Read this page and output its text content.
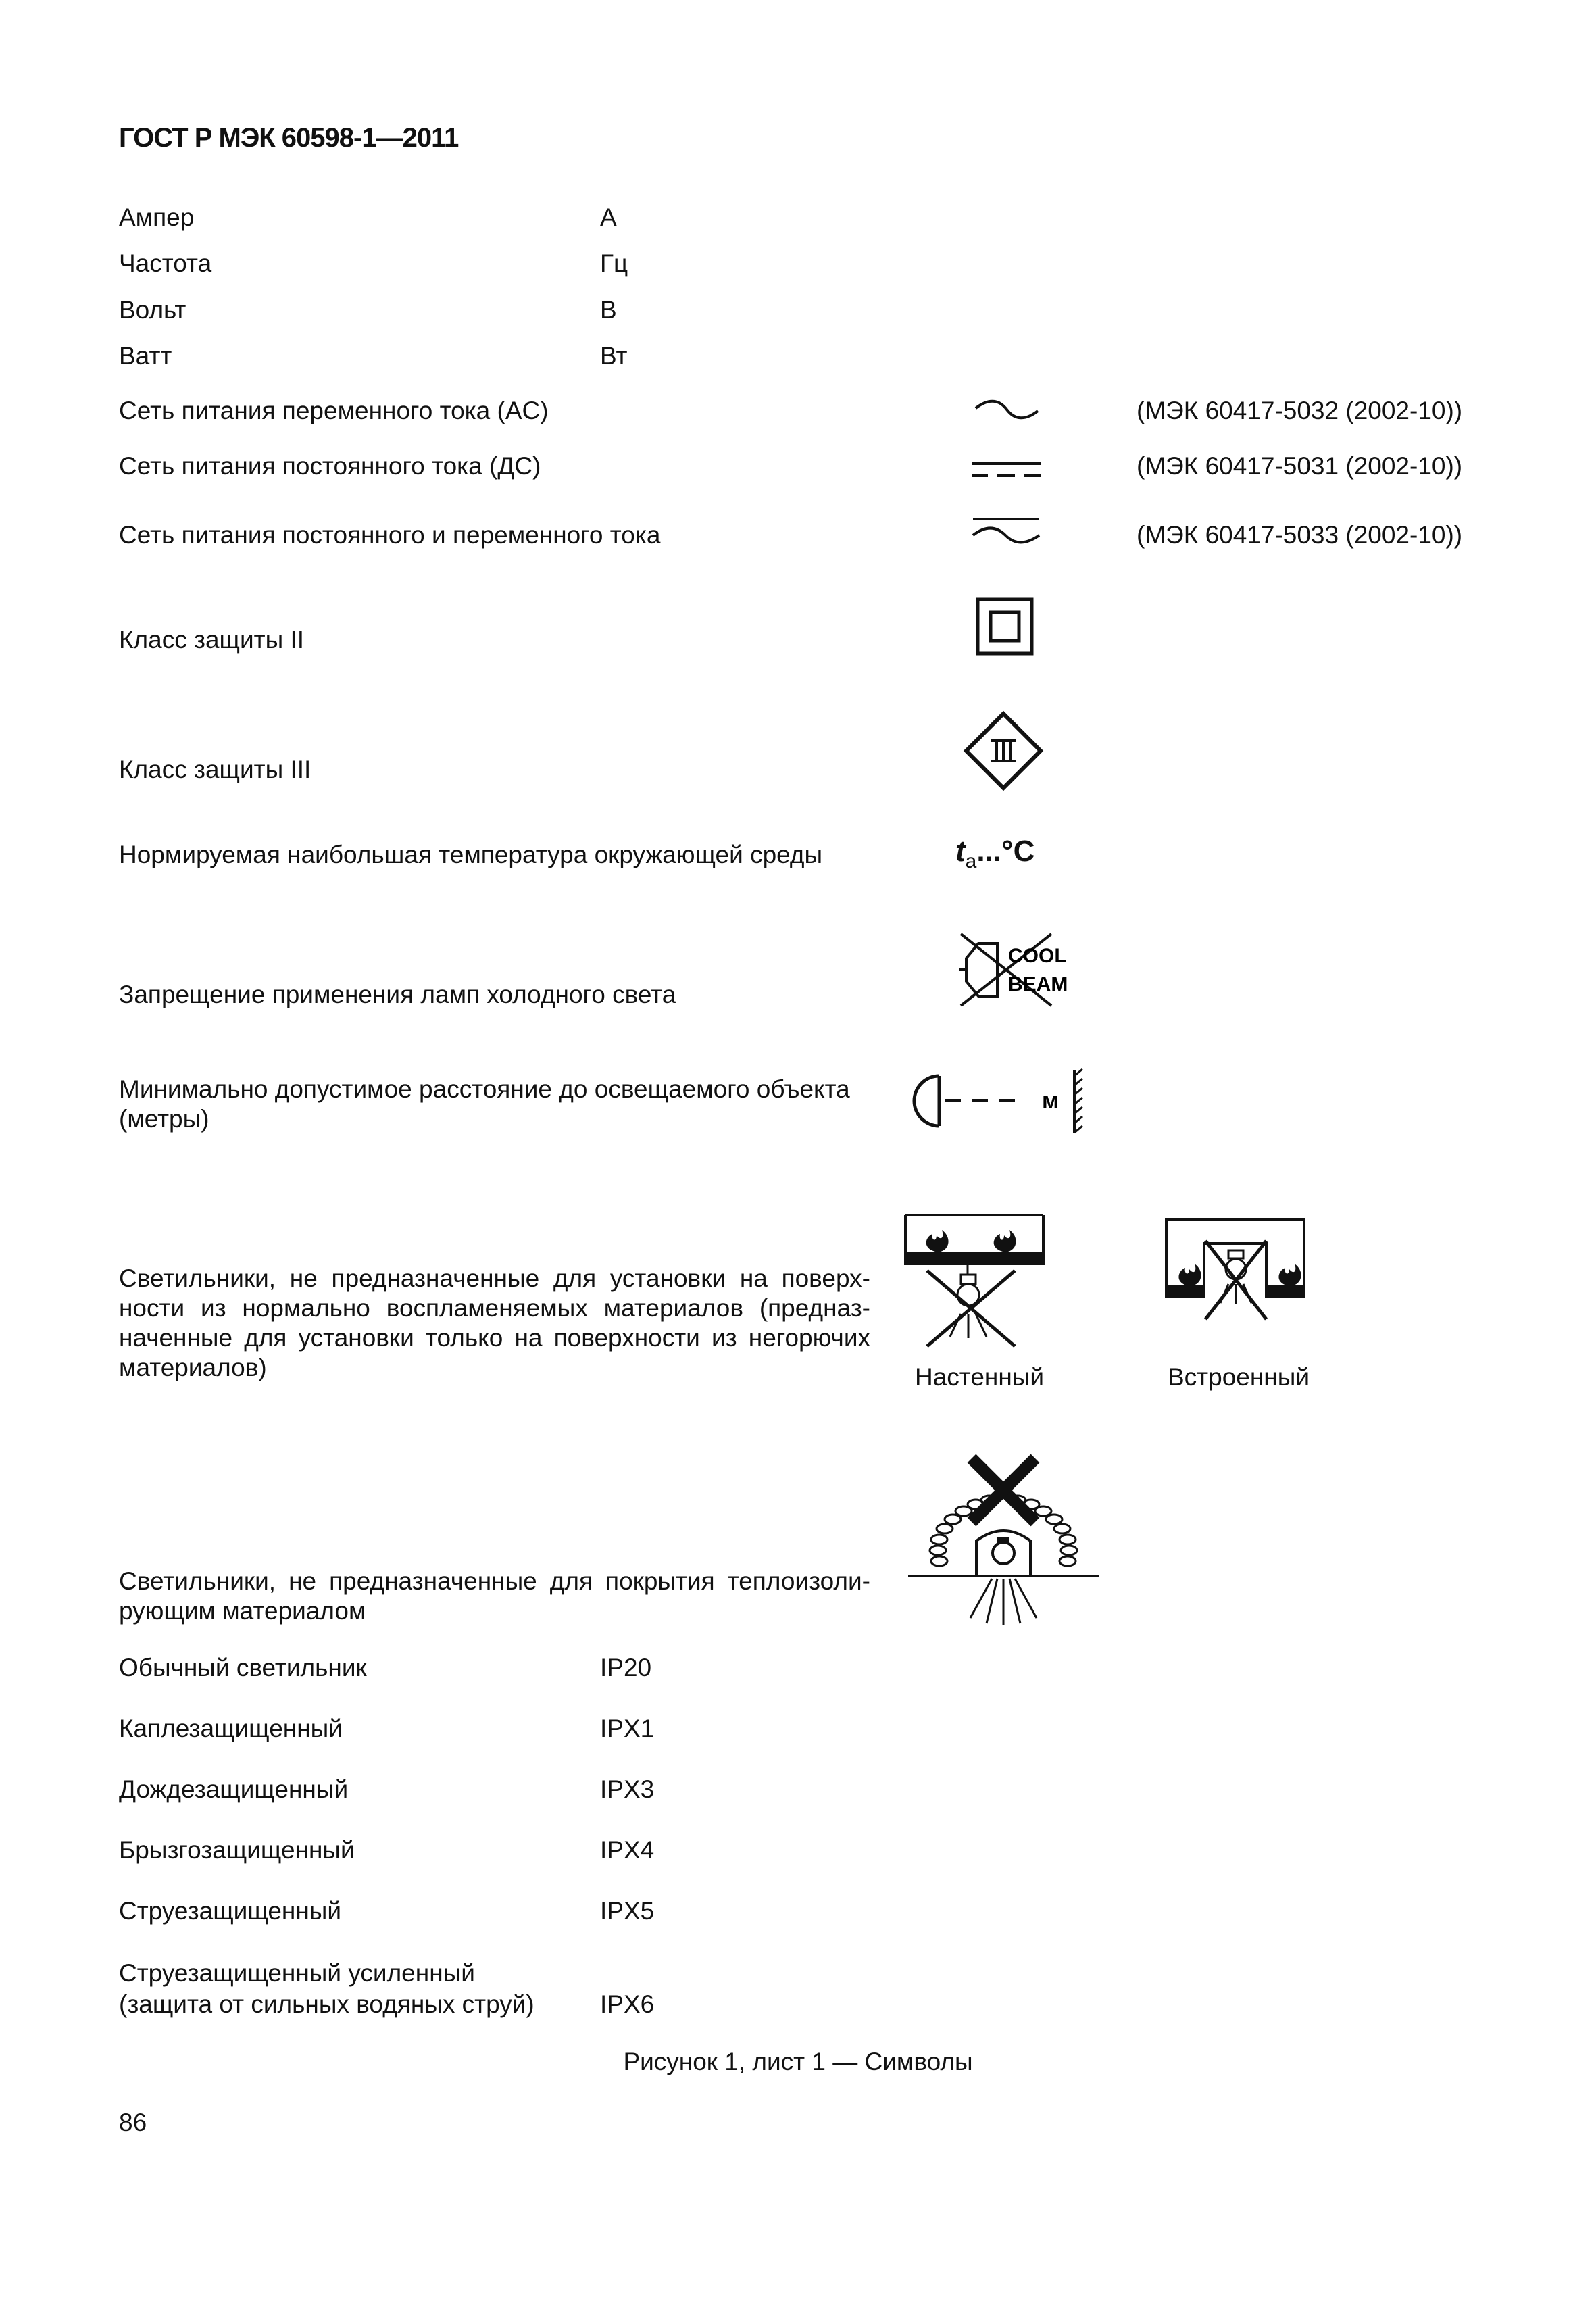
ГОСТ Р МЭК 60598-1—2011
Ампер	А
Частота	Гц
Вольт	В
Ватт	Вт
Сеть питания переменного тока (AC)	(МЭК 60417-5032 (2002-10))
Сеть питания постоянного тока (ДС)	(МЭК 60417-5031 (2002-10))
Сеть питания постоянного и переменного тока	(МЭК 60417-5033 (2002-10))
Класс защиты II
Класс защиты III
Нормируемая наибольшая температура окружающей среды	$t_a...^\circ C$
Запрещение применения ламп холодного света
COOL
BEAM
Минимально допустимое расстояние до освещаемого объекта
(метры)
м
Светильники, не предназначенные для установки на поверх-
ности из нормально воспламеняемых материалов (предназ-
наченные для установки только на поверхности из негорючих
материалов)	Настенный	Встроенный
Светильники, не предназначенные для покрытия теплоизоли-
рующим материалом
Обычный светильник	IP20
Каплезащищенный	IPX1
Дождезащищенный	IPX3
Брызгозащищенный	IPX4
Струезащищенный	IPX5
Струезащищенный усиленный
(защита от сильных водяных струй)	IPX6
Рисунок 1, лист 1 — Символы
86
